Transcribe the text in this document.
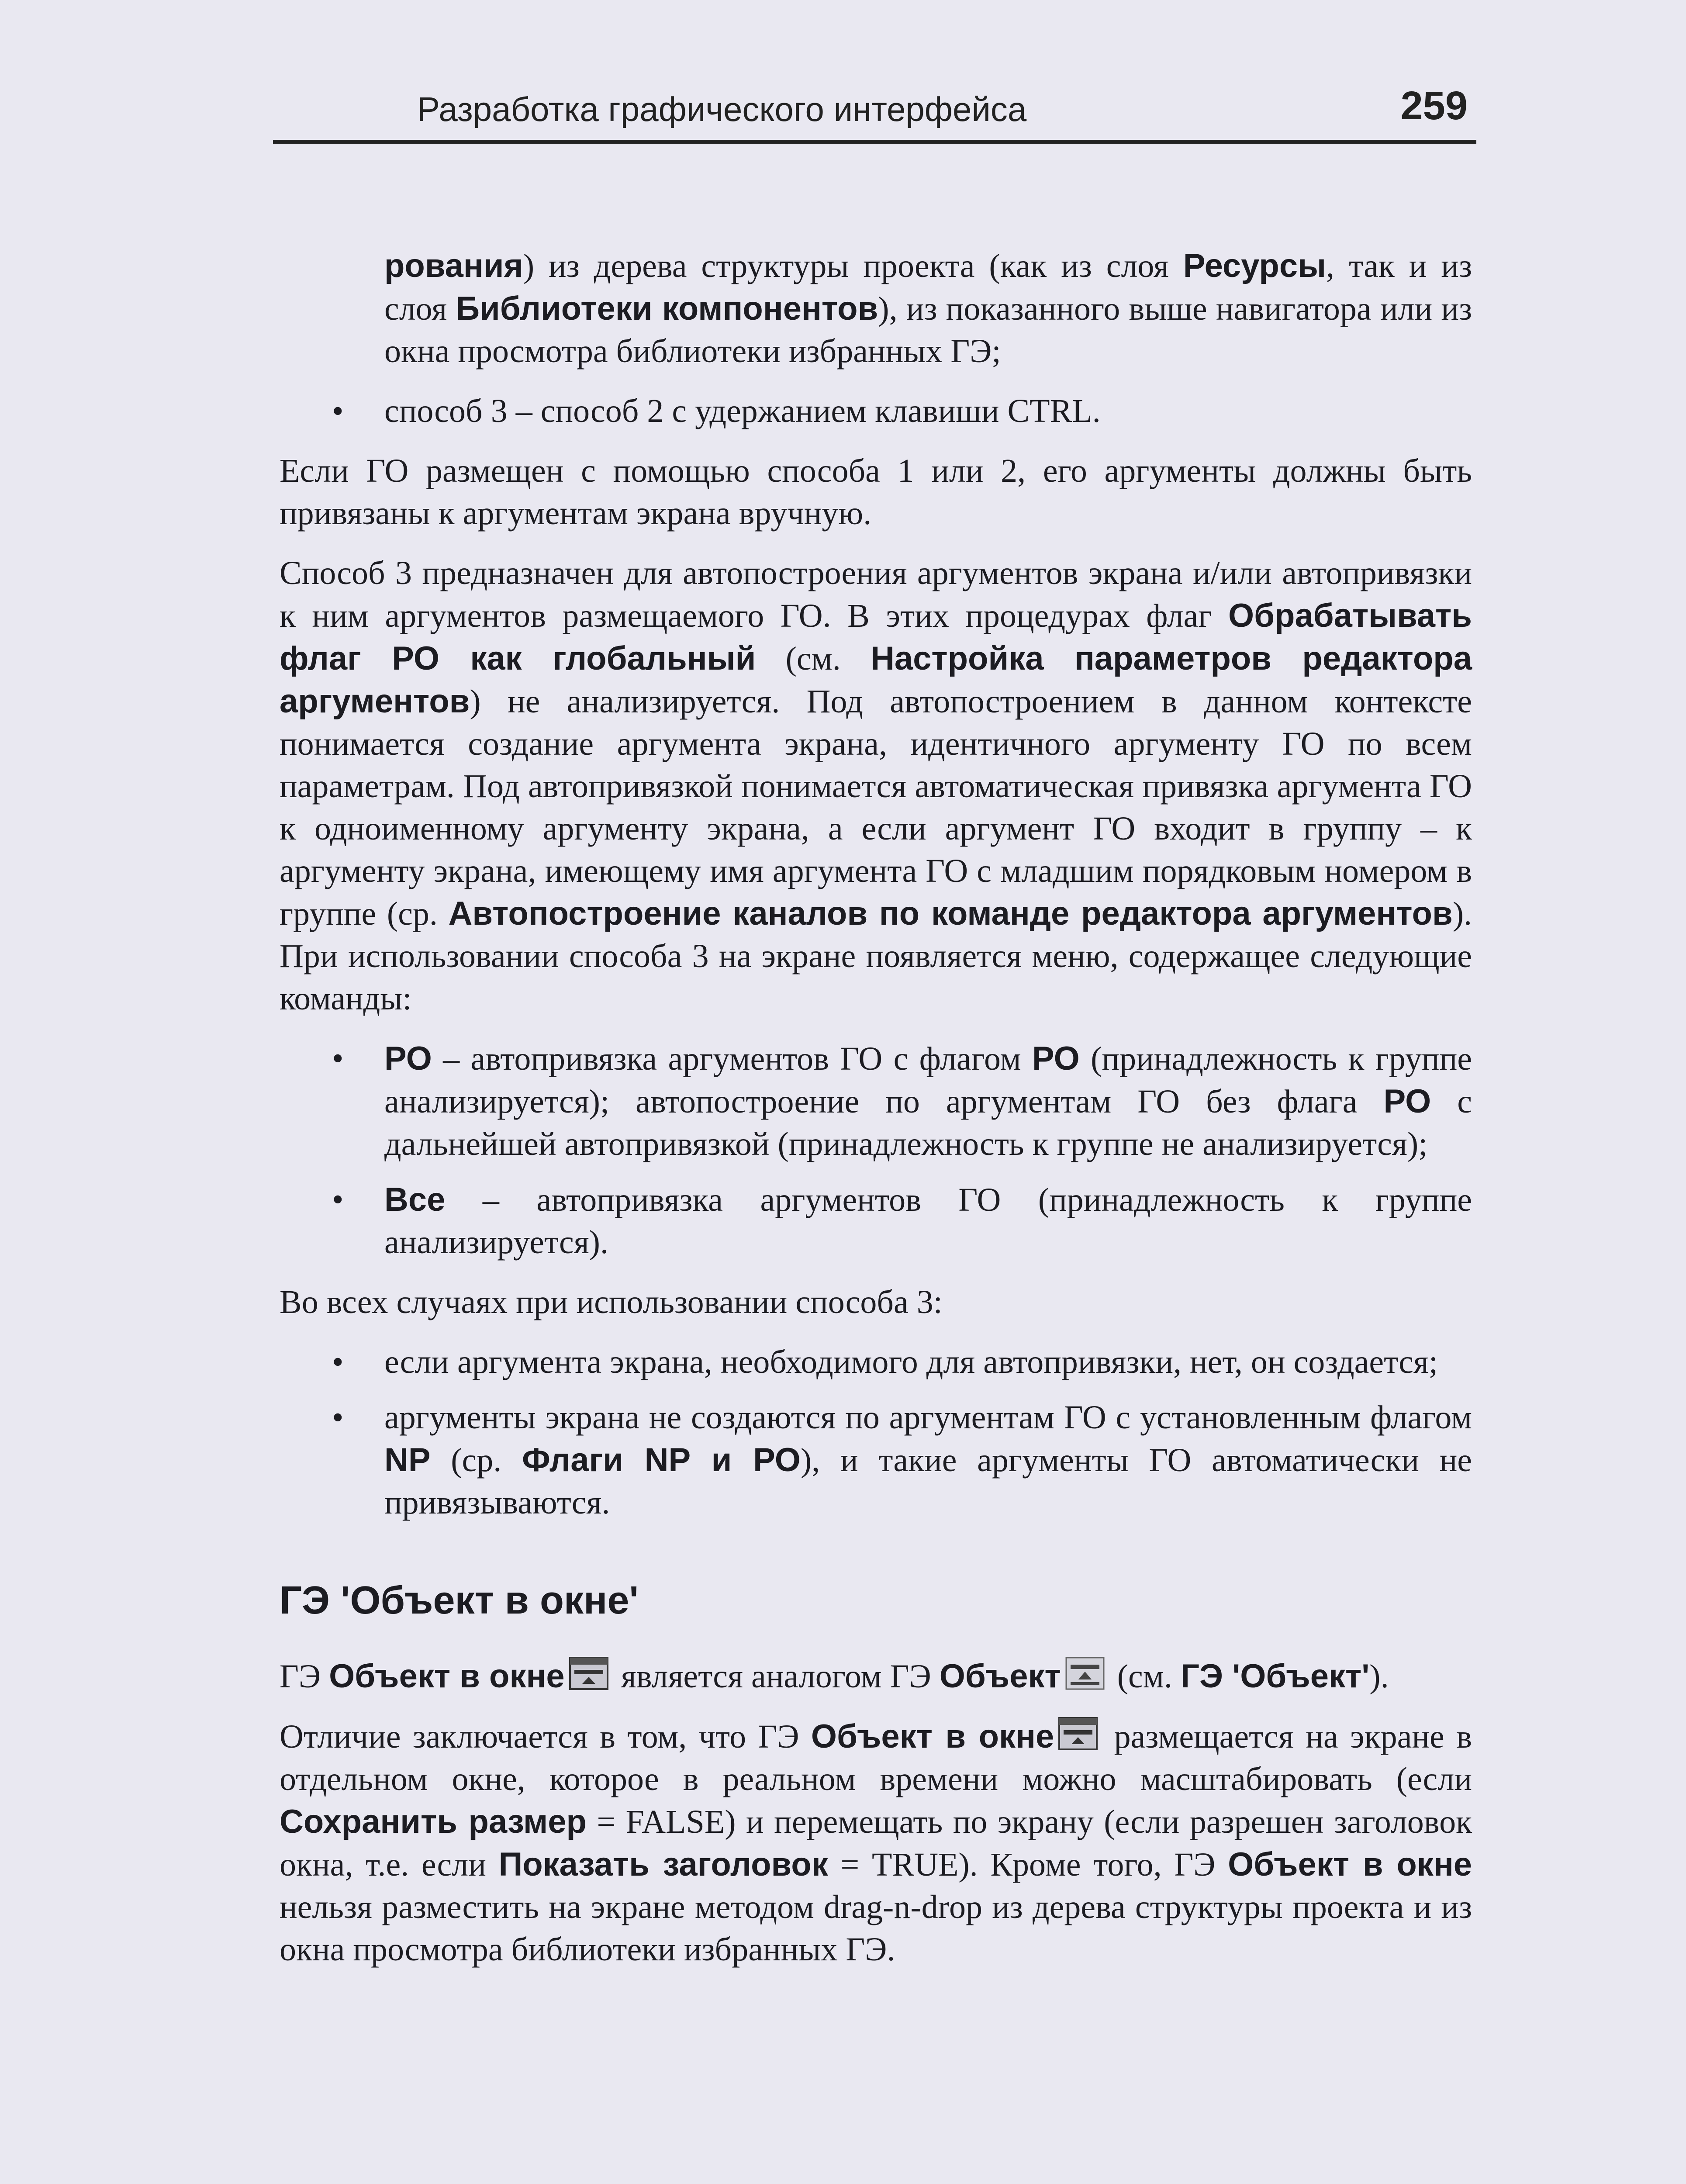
Разработка графического интерфейса	259

рования) из дерева структуры проекта (как из слоя Ресурсы, так и из слоя Библиотеки компонентов), из показанного выше навигатора или из окна просмотра библиотеки избранных ГЭ;

• способ 3 – способ 2 с удержанием клавиши CTRL.

Если ГО размещен с помощью способа 1 или 2, его аргументы должны быть привязаны к аргументам экрана вручную.

Способ 3 предназначен для автопостроения аргументов экрана и/или автопривязки к ним аргументов размещаемого ГО. В этих процедурах флаг Обрабатывать флаг РО как глобальный (см. Настройка параметров редактора аргументов) не анализируется. Под автопостроением в данном контексте понимается создание аргумента экрана, идентичного аргументу ГО по всем параметрам. Под автопривязкой понимается автоматическая привязка аргумента ГО к одноименному аргументу экрана, а если аргумент ГО входит в группу – к аргументу экрана, имеющему имя аргумента ГО с младшим порядковым номером в группе (ср. Автопостроение каналов по команде редактора аргументов). При использовании способа 3 на экране появляется меню, содержащее следующие команды:

• РО – автопривязка аргументов ГО с флагом РО (принадлежность к группе анализируется); автопостроение по аргументам ГО без флага РО с дальнейшей автопривязкой (принадлежность к группе не анализируется);
• Все – автопривязка аргументов ГО (принадлежность к группе анализируется).

Во всех случаях при использовании способа 3:

• если аргумента экрана, необходимого для автопривязки, нет, он создается;
• аргументы экрана не создаются по аргументам ГО с установленным флагом NP (ср. Флаги NP и РО), и такие аргументы ГО автоматически не привязываются.
ГЭ 'Объект в окне'

ГЭ Объект в окне является аналогом ГЭ Объект (см. ГЭ 'Объект').

Отличие заключается в том, что ГЭ Объект в окне размещается на экране в отдельном окне, которое в реальном времени можно масштабировать (если Сохранить размер = FALSE) и перемещать по экрану (если разрешен заголовок окна, т.е. если Показать заголовок = TRUE). Кроме того, ГЭ Объект в окне нельзя разместить на экране методом drag-n-drop из дерева структуры проекта и из окна просмотра библиотеки избранных ГЭ.
